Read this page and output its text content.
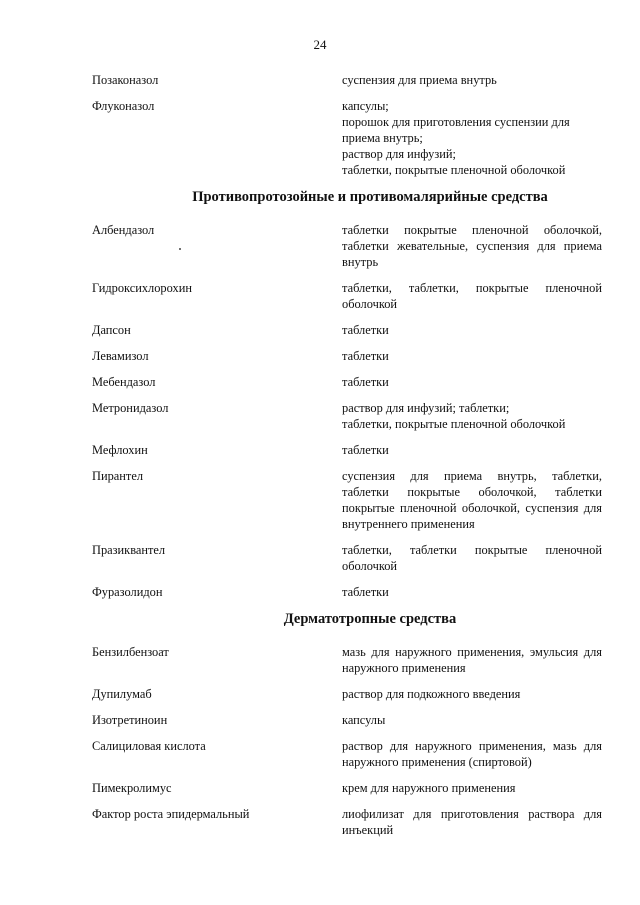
24
Позаконазол	суспензия для приема внутрь
Флуконазол	капсулы;
порошок для приготовления суспензии для
приема внутрь;
раствор для инфузий;
таблетки, покрытые пленочной оболочкой
Противопротозойные и противомалярийные средства
Албендазол	таблетки покрытые пленочной оболочкой, таблетки жевательные, суспензия для приема внутрь
Гидроксихлорохин	таблетки, таблетки, покрытые пленочной оболочкой
Дапсон	таблетки
Левамизол	таблетки
Мебендазол	таблетки
Метронидазол	раствор для инфузий; таблетки;
таблетки, покрытые пленочной оболочкой
Мефлохин	таблетки
Пирантел	суспензия для приема внутрь, таблетки, таблетки покрытые оболочкой, таблетки покрытые пленочной оболочкой, суспензия для внутреннего применения
Празиквантел	таблетки, таблетки покрытые пленочной оболочкой
Фуразолидон	таблетки
Дерматотропные средства
Бензилбензоат	мазь для наружного применения, эмульсия для наружного применения
Дупилумаб	раствор для подкожного введения
Изотретиноин	капсулы
Салициловая кислота	раствор для наружного применения, мазь для наружного применения (спиртовой)
Пимекролимус	крем для наружного применения
Фактор роста эпидермальный	лиофилизат для приготовления раствора для инъекций
